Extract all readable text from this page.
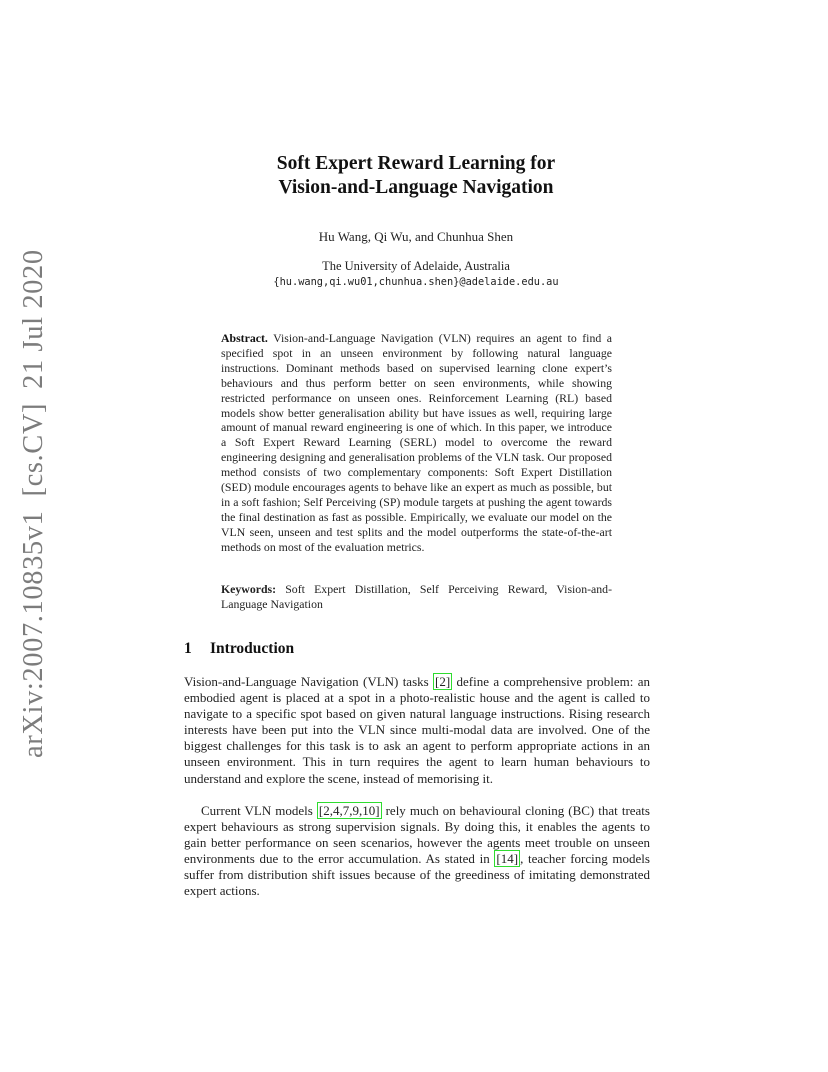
arXiv:2007.10835v1[cs.CV]21 Jul 2020
Soft Expert Reward Learning for
Vision-and-Language Navigation
Hu Wang, Qi Wu, and Chunhua Shen
The University of Adelaide, Australia
{hu.wang,qi.wu01,chunhua.shen}@adelaide.edu.au
Abstract. Vision-and-Language Navigation (VLN) requires an agent to find a specified spot in an unseen environment by following natural language instructions. Dominant methods based on supervised learning clone expert’s behaviours and thus perform better on seen environments, while showing restricted performance on unseen ones. Reinforcement Learning (RL) based models show better generalisation ability but have issues as well, requiring large amount of manual reward engineering is one of which. In this paper, we introduce a Soft Expert Reward Learning (SERL) model to overcome the reward engineering designing and generalisation problems of the VLN task. Our proposed method consists of two complementary components: Soft Expert Distillation (SED) module encourages agents to behave like an expert as much as possible, but in a soft fashion; Self Perceiving (SP) module targets at pushing the agent towards the final destination as fast as possible. Empirically, we evaluate our model on the VLN seen, unseen and test splits and the model outperforms the state-of-the-art methods on most of the evaluation metrics.
Keywords: Soft Expert Distillation, Self Perceiving Reward, Vision-and-Language Navigation
1 Introduction
Vision-and-Language Navigation (VLN) tasks [2] define a comprehensive problem: an embodied agent is placed at a spot in a photo-realistic house and the agent is called to navigate to a specific spot based on given natural language instructions. Rising research interests have been put into the VLN since multi-modal data are involved. One of the biggest challenges for this task is to ask an agent to perform appropriate actions in an unseen environment. This in turn requires the agent to learn human behaviours to understand and explore the scene, instead of memorising it.
Current VLN models [2,4,7,9,10] rely much on behavioural cloning (BC) that treats expert behaviours as strong supervision signals. By doing this, it enables the agents to gain better performance on seen scenarios, however the agents meet trouble on unseen environments due to the error accumulation. As stated in [14] , teacher forcing models suffer from distribution shift issues because of the greediness of imitating demonstrated expert actions.
